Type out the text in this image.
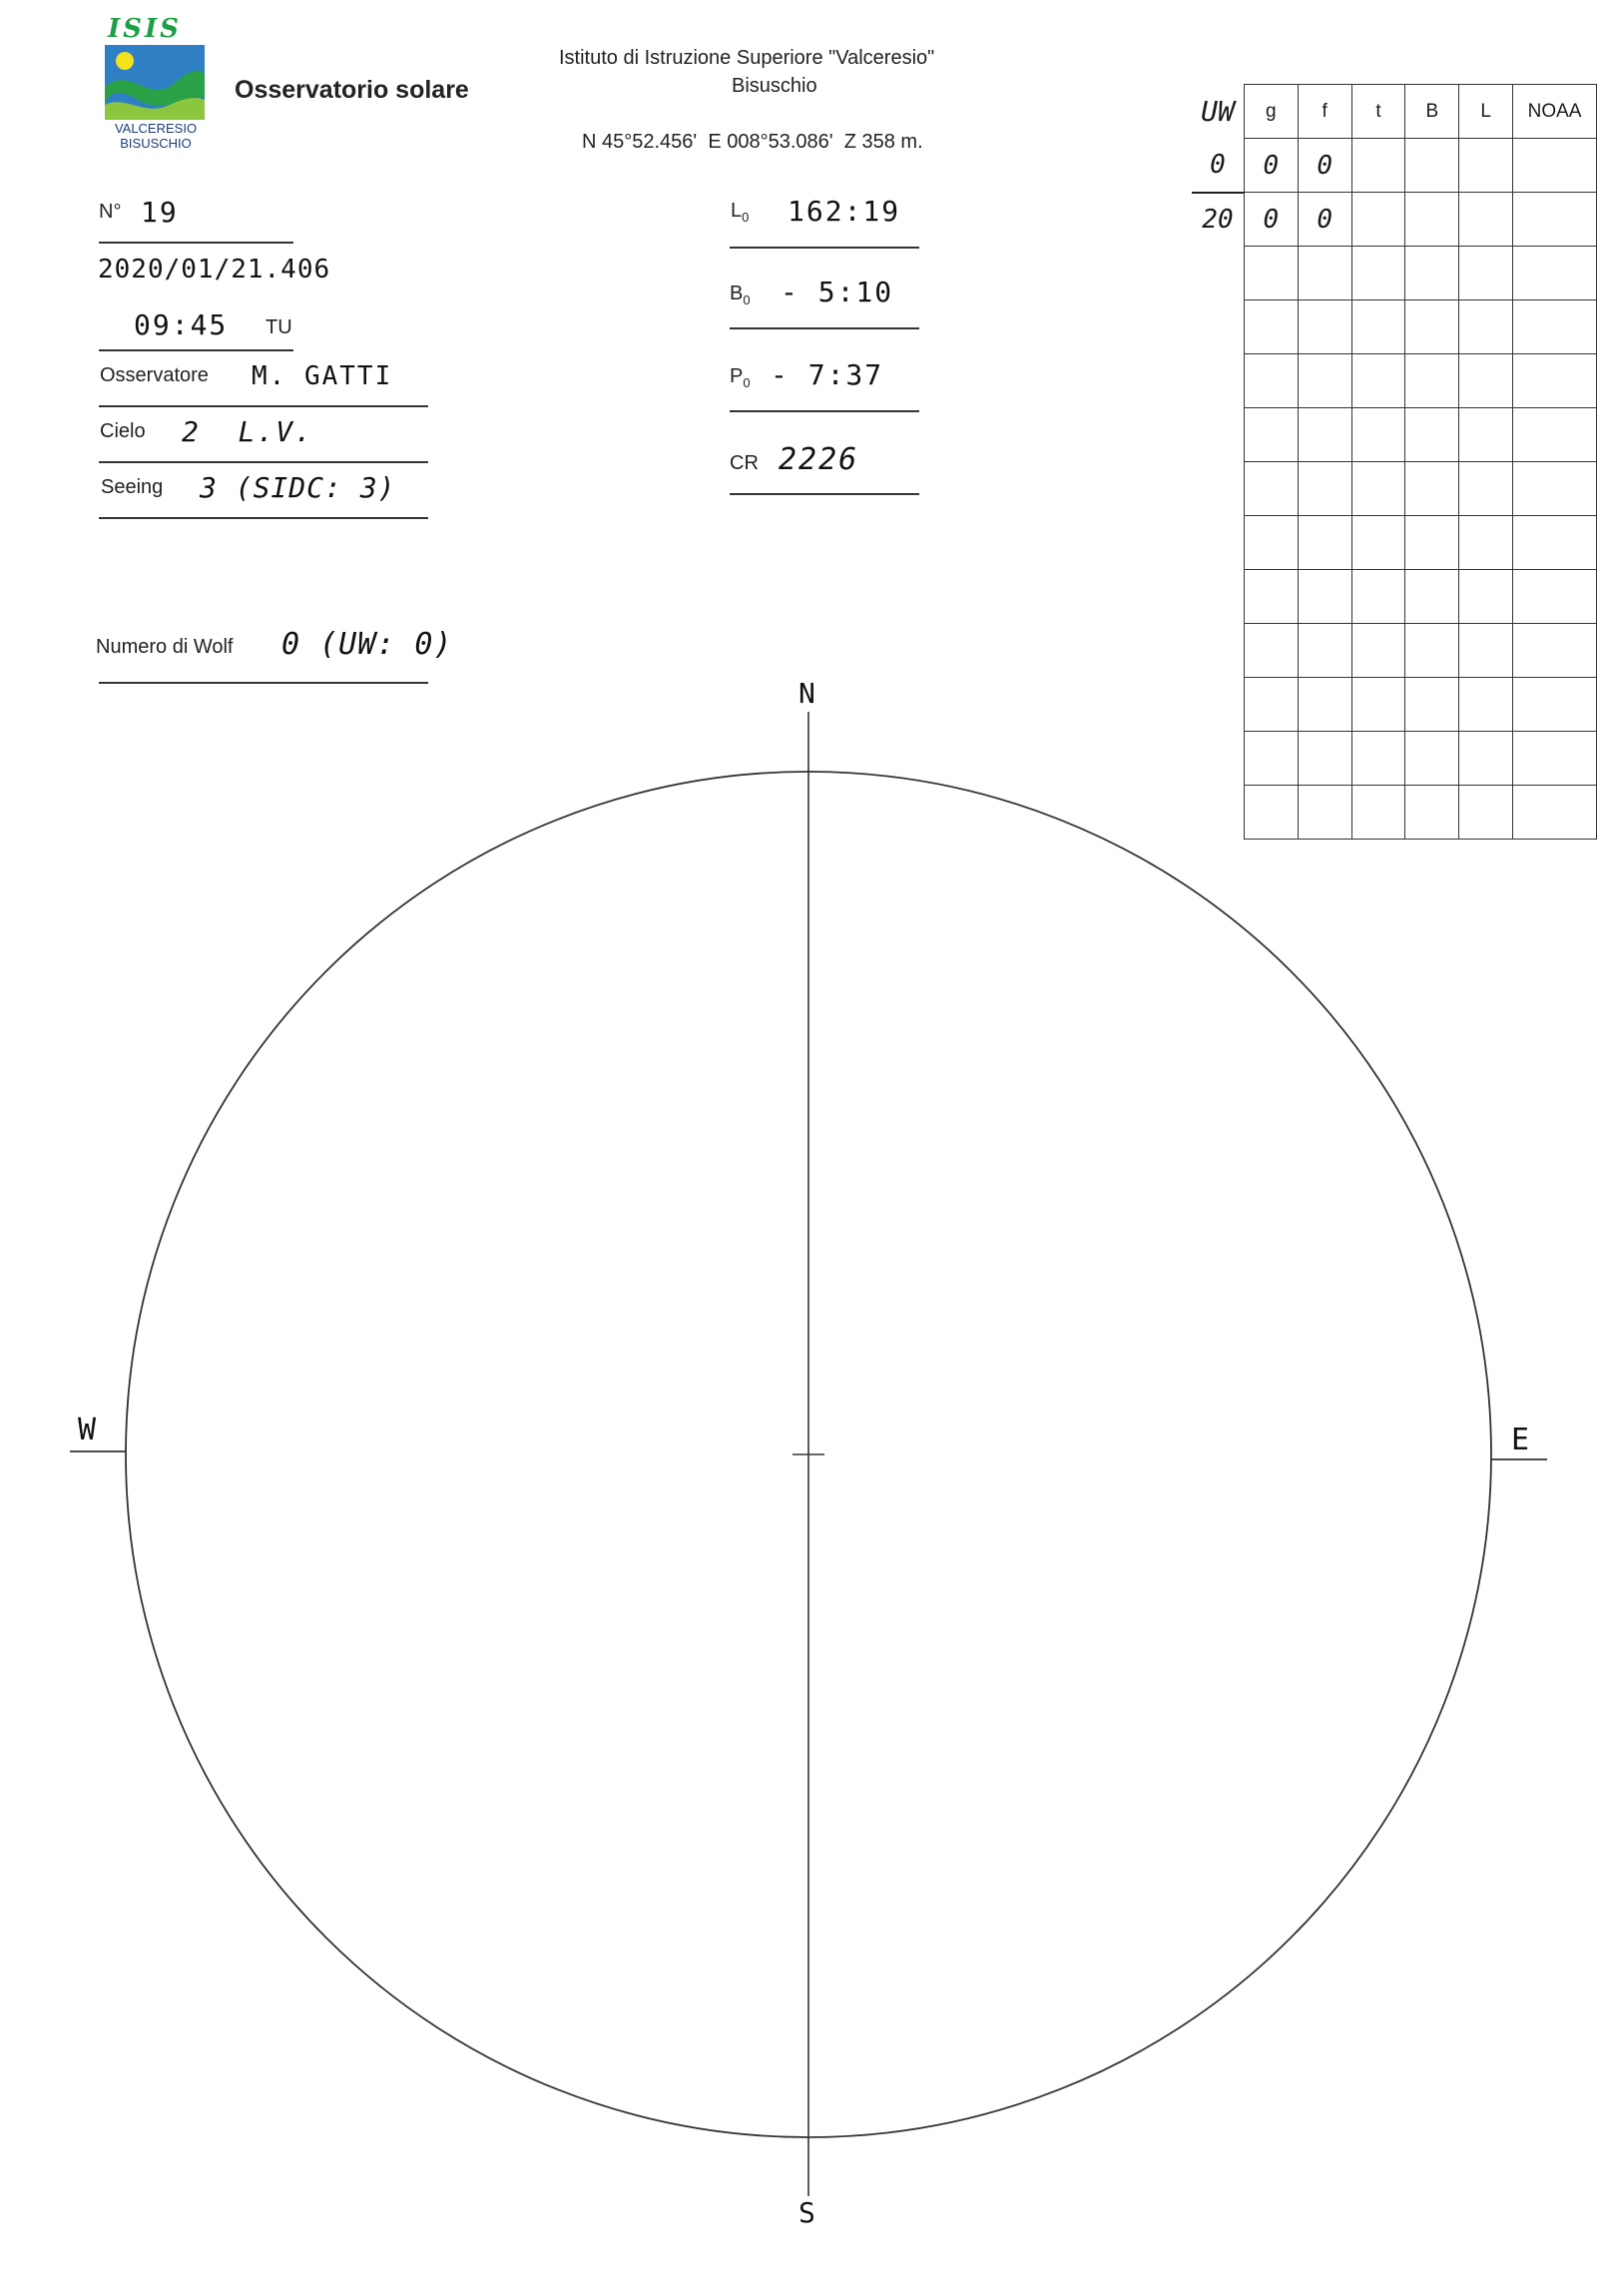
ISIS
VALCERESIO
BISUSCHIO
Osservatorio solare
Istituto di Istruzione Superiore "Valceresio"
Bisuschio
N 45°52.456'  E 008°53.086'  Z 358 m.
N° 19
2020/01/21.406
09:45 TU
Osservatore M. GATTI
Cielo 2  L.V.
Seeing 3 (SIDC: 3)
Numero di Wolf 0 (UW: 0)
$L_0$ 162:19
$B_0$ - 5:10
$P_0$ - 7:37
CR 2226
UW	g	f	t	B	L	NOAA
0	0	0				
20	0	0				

N
S
W	E
